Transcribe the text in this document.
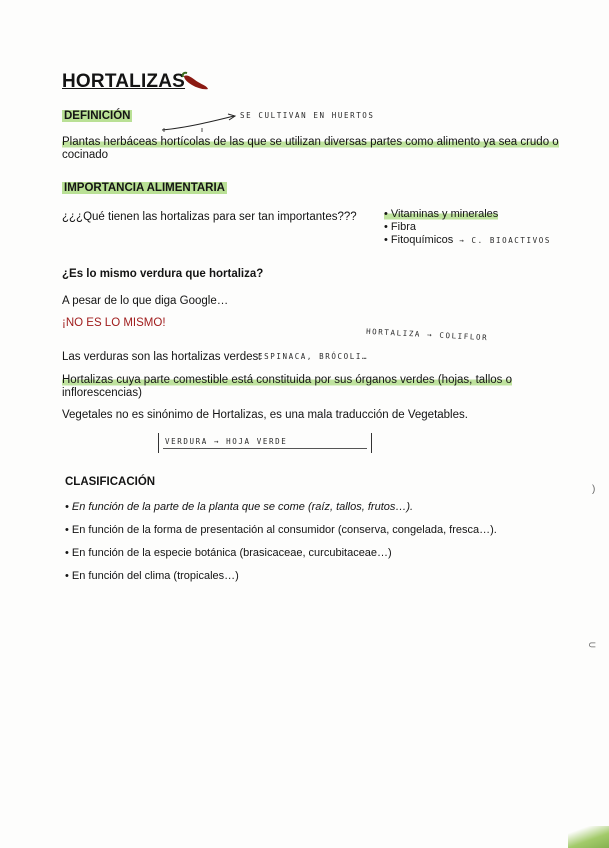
HORTALIZAS
DEFINICIÓN	SE CULTIVAN EN HUERTOS
Plantas herbáceas hortícolas de las que se utilizan diversas partes como alimento ya sea crudo o
cocinado
IMPORTANCIA ALIMENTARIA
¿¿¿Qué tienen las hortalizas para ser tan importantes??? • Vitaminas y minerales
• Fibra
• Fitoquímicos → C. BIOACTIVOS
¿Es lo mismo verdura que hortaliza?
A pesar de lo que diga Google…
¡NO ES LO MISMO!
HORTALIZA → COLIFLOR
Las verduras son las hortalizas verdes:
ESPINACA, BRÓCOLI…
Hortalizas cuya parte comestible está constituida por sus órganos verdes (hojas, tallos o
inflorescencias)
Vegetales no es sinónimo de Hortalizas, es una mala traducción de Vegetables.
VERDURA → HOJA VERDE
CLASIFICACIÓN
• En función de la parte de la planta que se come (raíz, tallos, frutos…).
• En función de la forma de presentación al consumidor (conserva, congelada, fresca…).
• En función de la especie botánica (brasicaceae, curcubitaceae…)
• En función del clima (tropicales…)
)
⊂
